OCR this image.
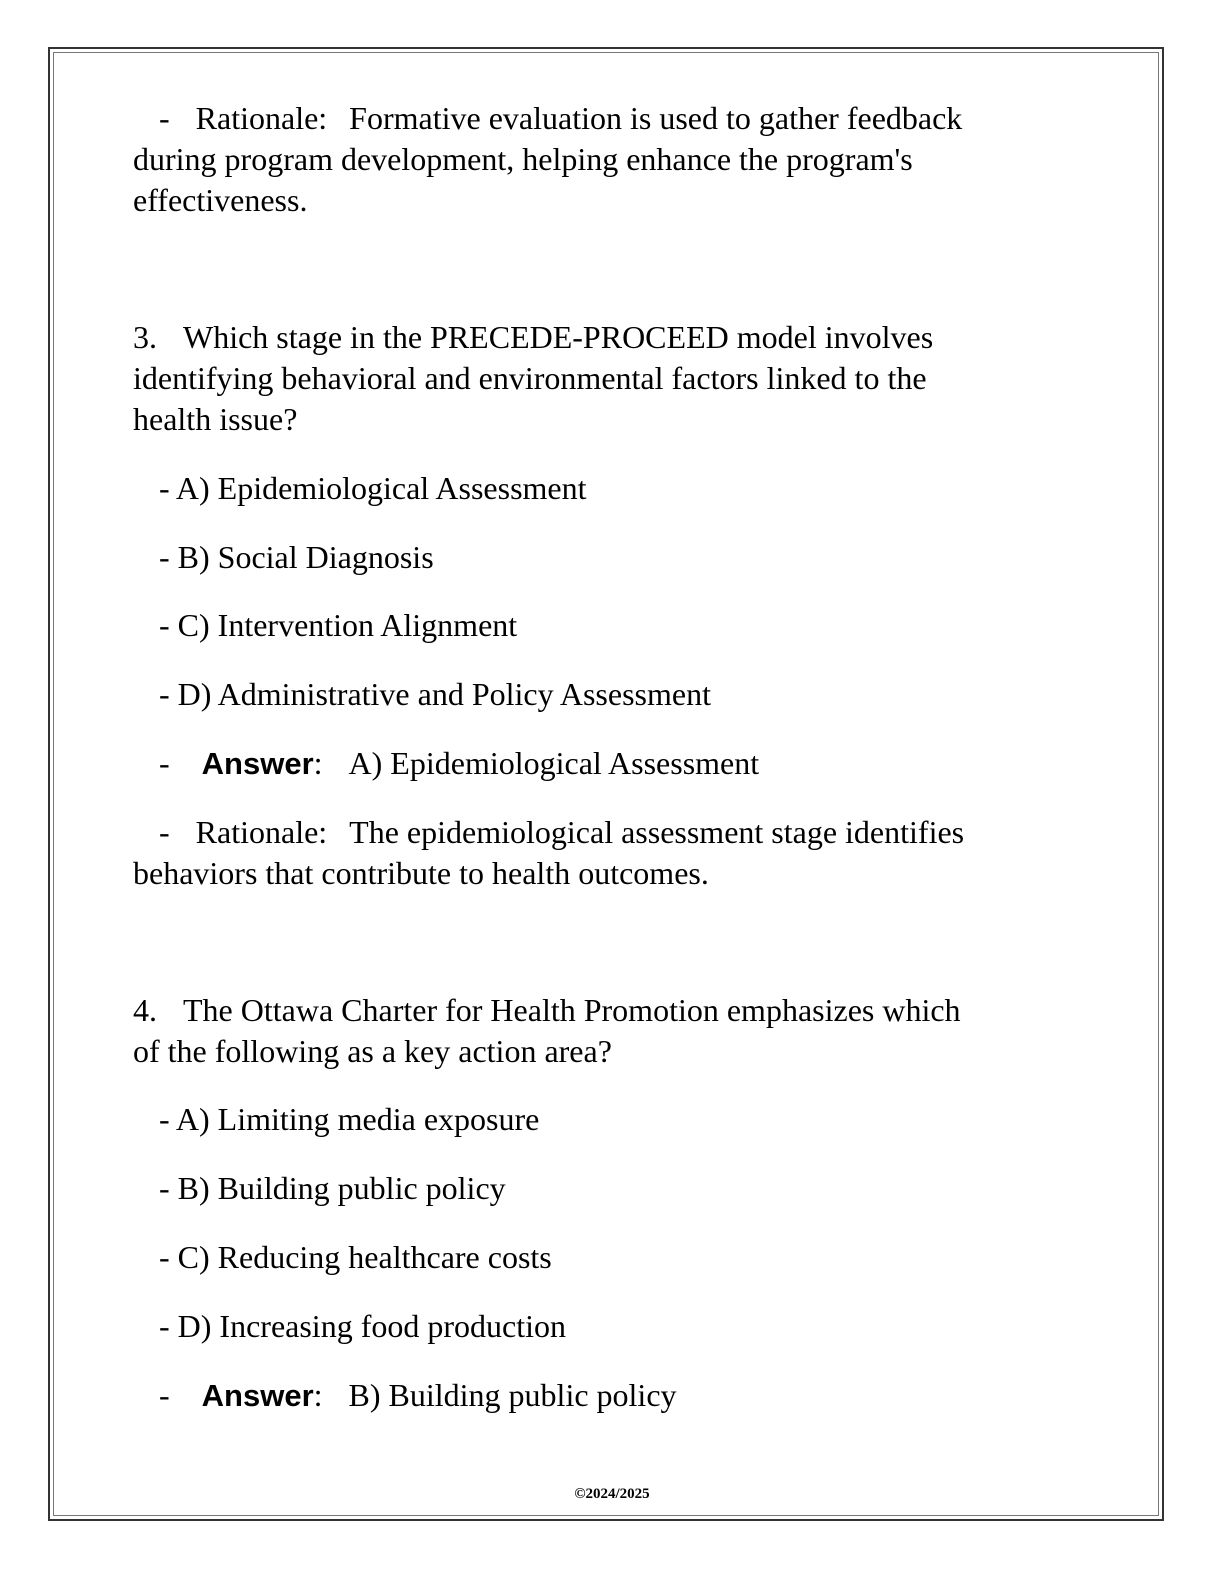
- Rationale: Formative evaluation is used to gather feedback
during program development, helping enhance the program's
effectiveness.
3. Which stage in the PRECEDE-PROCEED model involves
identifying behavioral and environmental factors linked to the
health issue?
- A) Epidemiological Assessment
- B) Social Diagnosis
- C) Intervention Alignment
- D) Administrative and Policy Assessment
- Answer: A) Epidemiological Assessment
- Rationale: The epidemiological assessment stage identifies
behaviors that contribute to health outcomes.
4. The Ottawa Charter for Health Promotion emphasizes which
of the following as a key action area?
- A) Limiting media exposure
- B) Building public policy
- C) Reducing healthcare costs
- D) Increasing food production
- Answer: B) Building public policy
©2024/2025
